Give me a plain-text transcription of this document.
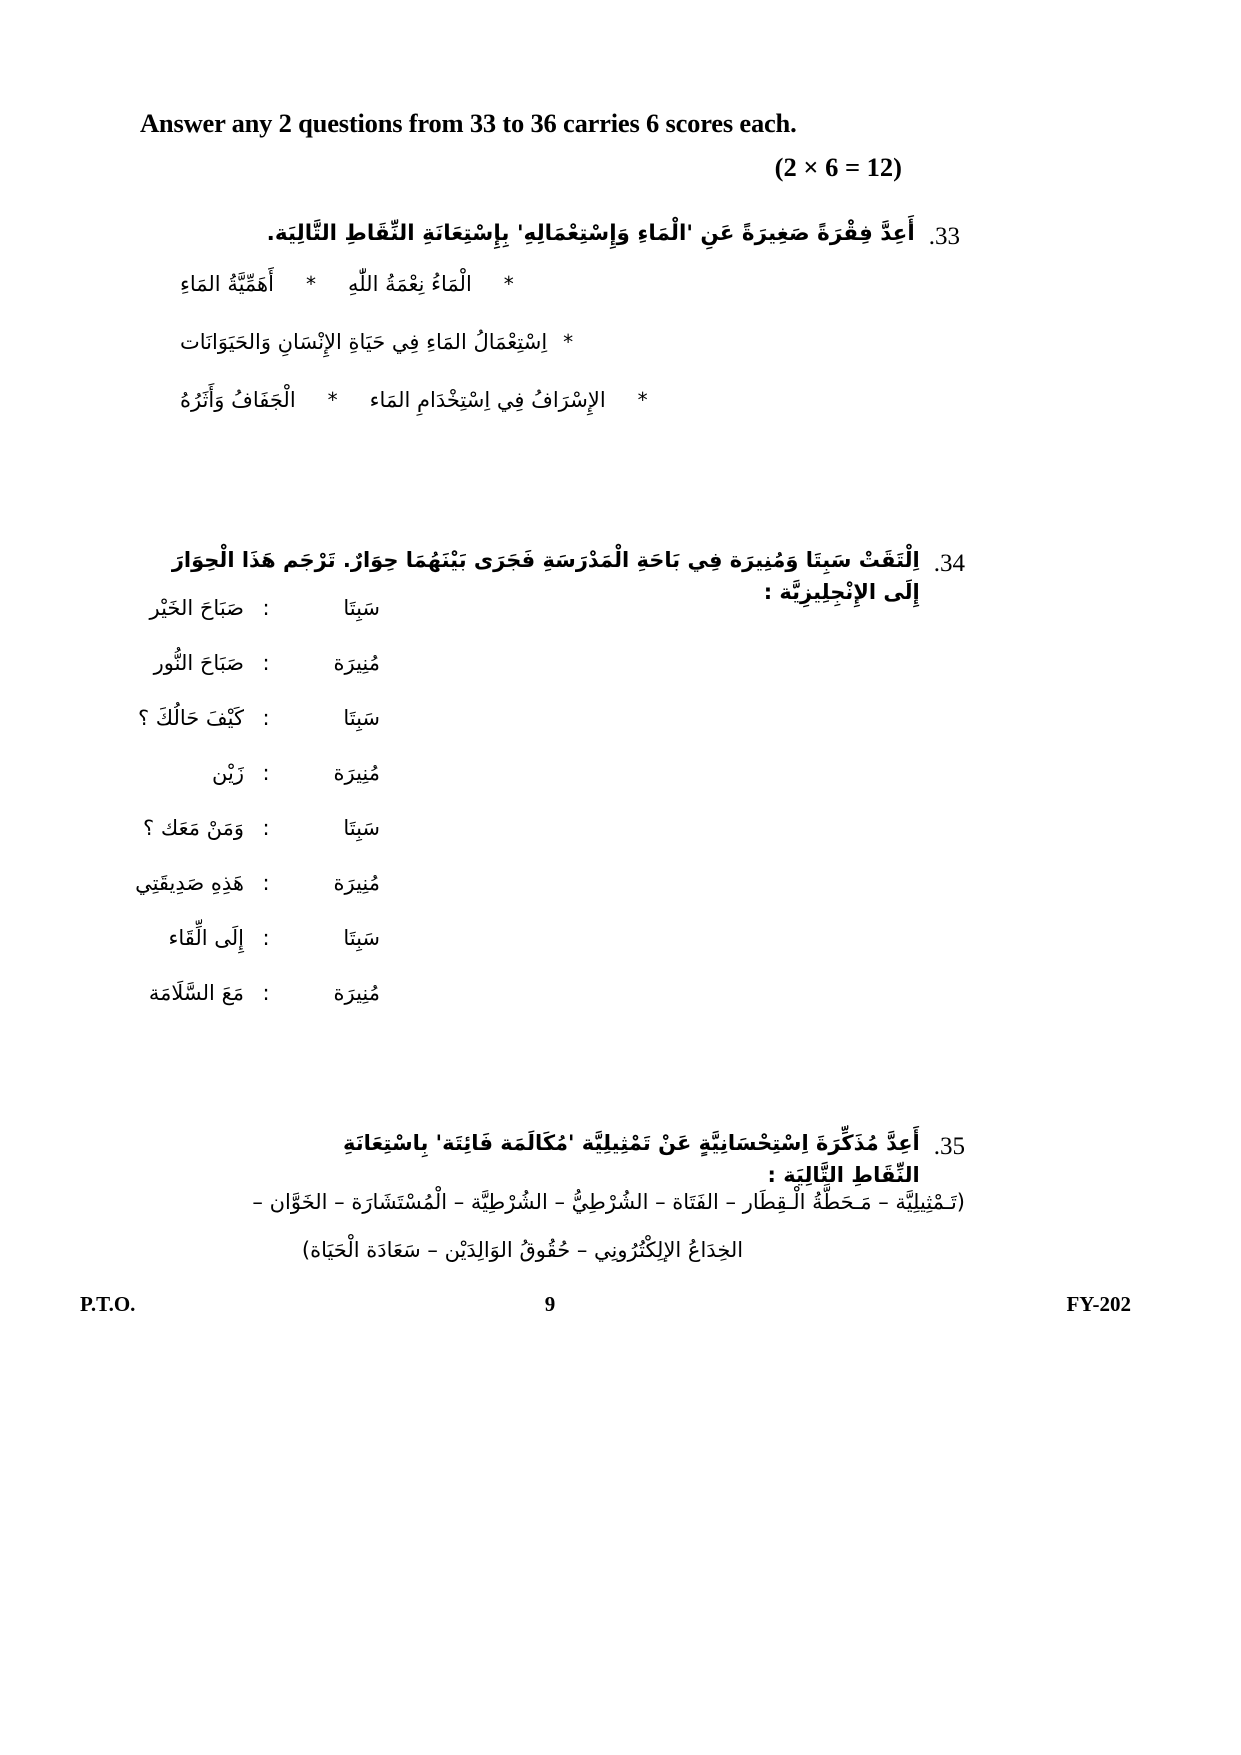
Answer any 2 questions from 33 to 36 carries 6 scores each.
(2 × 6 = 12)
33.
أَعِدَّ فِقْرَةً صَغِيرَةً عَنِ 'الْمَاءِ وَإِسْتِعْمَالِهِ' بِإِسْتِعَانَةِ النِّقَاطِ التَّالِيَة.
*
الْمَاءُ نِعْمَةُ اللّٰهِ
*
أَهَمِّيَّةُ المَاءِ
*
اِسْتِعْمَالُ المَاءِ فِي حَيَاةِ الإِنْسَانِ وَالحَيَوَانَات
*
الإِسْرَافُ فِي اِسْتِخْدَامِ المَاء
*
الْجَفَافُ وَأَثَرُهُ
34.
اِلْتَقَتْ سَبِتَا وَمُنِيرَة فِي بَاحَةِ الْمَدْرَسَةِ فَجَرَى بَيْنَهُمَا حِوَارٌ. تَرْجَم هَذَا الْحِوَارَ إِلَى الإِنْجِلِيزِيَّة :
سَبِتَا
:
صَبَاحَ الخَيْر
مُنِيرَة
:
صَبَاحَ النُّور
سَبِتَا
:
كَيْفَ حَالُكَ ؟
مُنِيرَة
:
زَيْن
سَبِتَا
:
وَمَنْ مَعَك ؟
مُنِيرَة
:
هَذِهِ صَدِيقَتِي
سَبِتَا
:
إِلَى الِّقَاء
مُنِيرَة
:
مَعَ السَّلَامَة
35.
أَعِدَّ مُذَكِّرَةَ اِسْتِحْسَانِيَّةٍ عَنْ تَمْثِيلِيَّة 'مُكَالَمَة فَائِتَة' بِاسْتِعَانَةِ النِّقَاطِ التَّالِيَة :
(تَـمْثِيلِيَّة – مَـحَطَّةُ الْـقِطَار – الفَتَاة – الشُرْطِيُّ – الشُرْطِيَّة – الْمُسْتَشَارَة – الخَوَّان –
الخِدَاعُ الإلِكْتُرُونِي – حُقُوقُ الوَالِدَيْن – سَعَادَة الْحَيَاة)
P.T.O.	9	FY-202
